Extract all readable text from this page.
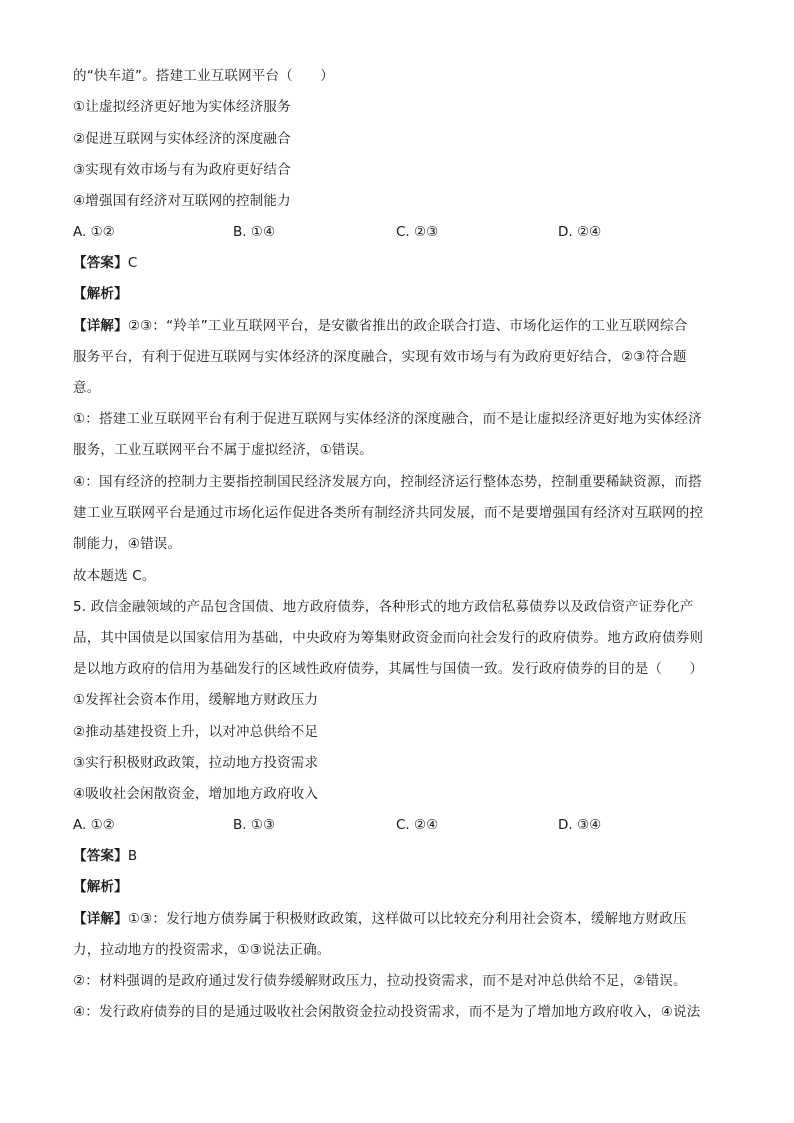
的“快车道”。搭建工业互联网平台（　　）
①让虚拟经济更好地为实体经济服务
②促进互联网与实体经济的深度融合
③实现有效市场与有为政府更好结合
④增强国有经济对互联网的控制能力
A. ①②	B. ①④	C. ②③	D. ②④
【答案】C
【解析】
【详解】②③：“羚羊”工业互联网平台，是安徽省推出的政企联合打造、市场化运作的工业互联网综合
服务平台，有利于促进互联网与实体经济的深度融合，实现有效市场与有为政府更好结合，②③符合题
意。
①：搭建工业互联网平台有利于促进互联网与实体经济的深度融合，而不是让虚拟经济更好地为实体经济
服务，工业互联网平台不属于虚拟经济，①错误。
④：国有经济的控制力主要指控制国民经济发展方向，控制经济运行整体态势，控制重要稀缺资源，而搭
建工业互联网平台是通过市场化运作促进各类所有制经济共同发展，而不是要增强国有经济对互联网的控
制能力，④错误。
故本题选 C。
5. 政信金融领域的产品包含国债、地方政府债券，各种形式的地方政信私募债券以及政信资产证券化产
品，其中国债是以国家信用为基础，中央政府为筹集财政资金而向社会发行的政府债券。地方政府债券则
是以地方政府的信用为基础发行的区域性政府债券，其属性与国债一致。发行政府债券的目的是（　　）
①发挥社会资本作用，缓解地方财政压力
②推动基建投资上升，以对冲总供给不足
③实行积极财政政策，拉动地方投资需求
④吸收社会闲散资金，增加地方政府收入
A. ①②	B. ①③	C. ②④	D. ③④
【答案】B
【解析】
【详解】①③：发行地方债券属于积极财政政策，这样做可以比较充分利用社会资本，缓解地方财政压
力，拉动地方的投资需求，①③说法正确。
②：材料强调的是政府通过发行债券缓解财政压力，拉动投资需求，而不是对冲总供给不足，②错误。
④：发行政府债券的目的是通过吸收社会闲散资金拉动投资需求，而不是为了增加地方政府收入，④说法
